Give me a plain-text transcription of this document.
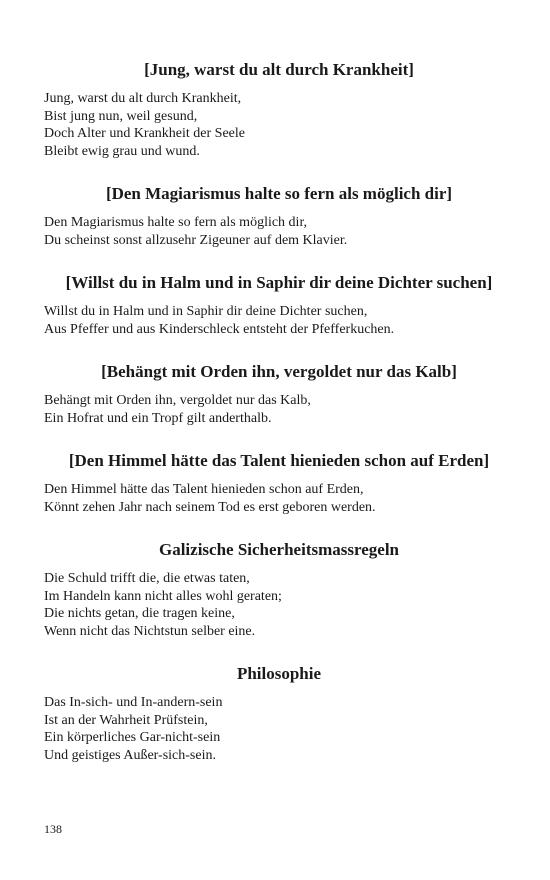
[Jung, warst du alt durch Krankheit]
Jung, warst du alt durch Krankheit,
Bist jung nun, weil gesund,
Doch Alter und Krankheit der Seele
Bleibt ewig grau und wund.
[Den Magiarismus halte so fern als möglich dir]
Den Magiarismus halte so fern als möglich dir,
Du scheinst sonst allzusehr Zigeuner auf dem Klavier.
[Willst du in Halm und in Saphir dir deine Dichter suchen]
Willst du in Halm und in Saphir dir deine Dichter suchen,
Aus Pfeffer und aus Kinderschleck entsteht der Pfefferkuchen.
[Behängt mit Orden ihn, vergoldet nur das Kalb]
Behängt mit Orden ihn, vergoldet nur das Kalb,
Ein Hofrat und ein Tropf gilt anderthalb.
[Den Himmel hätte das Talent hienieden schon auf Erden]
Den Himmel hätte das Talent hienieden schon auf Erden,
Könnt zehen Jahr nach seinem Tod es erst geboren werden.
Galizische Sicherheitsmassregeln
Die Schuld trifft die, die etwas taten,
Im Handeln kann nicht alles wohl geraten;
Die nichts getan, die tragen keine,
Wenn nicht das Nichtstun selber eine.
Philosophie
Das In-sich- und In-andern-sein
Ist an der Wahrheit Prüfstein,
Ein körperliches Gar-nicht-sein
Und geistiges Außer-sich-sein.
138
